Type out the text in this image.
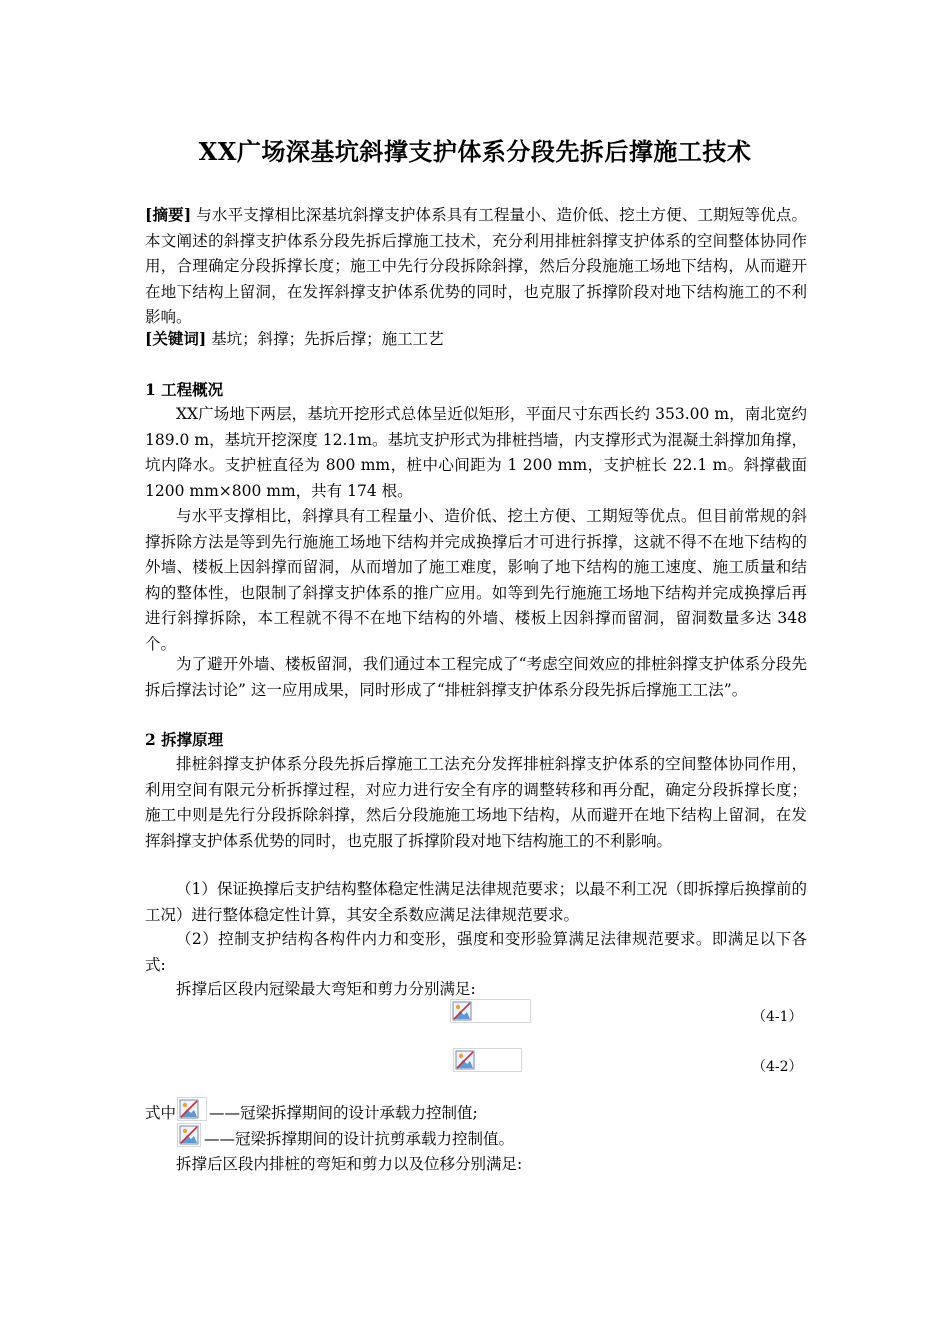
XX广场深基坑斜撑支护体系分段先拆后撑施工技术
[摘要] 与水平支撑相比深基坑斜撑支护体系具有工程量小、造价低、挖土方便、工期短等优点。本文阐述的斜撑支护体系分段先拆后撑施工技术，充分利用排桩斜撑支护体系的空间整体协同作用，合理确定分段拆撑长度；施工中先行分段拆除斜撑，然后分段施施工场地下结构，从而避开在地下结构上留洞，在发挥斜撑支护体系优势的同时，也克服了拆撑阶段对地下结构施工的不利影响。
[关键词] 基坑；斜撑；先拆后撑；施工工艺
1 工程概况
XX广场地下两层，基坑开挖形式总体呈近似矩形，平面尺寸东西长约 353.00 m，南北宽约 189.0 m，基坑开挖深度 12.1m。基坑支护形式为排桩挡墙，内支撑形式为混凝土斜撑加角撑，坑内降水。支护桩直径为 800 mm，桩中心间距为 1 200 mm，支护桩长 22.1 m。斜撑截面 1200 mm×800 mm，共有 174 根。
与水平支撑相比，斜撑具有工程量小、造价低、挖土方便、工期短等优点。但目前常规的斜撑拆除方法是等到先行施施工场地下结构并完成换撑后才可进行拆撑，这就不得不在地下结构的外墙、楼板上因斜撑而留洞，从而增加了施工难度，影响了地下结构的施工速度、施工质量和结构的整体性，也限制了斜撑支护体系的推广应用。如等到先行施施工场地下结构并完成换撑后再进行斜撑拆除，本工程就不得不在地下结构的外墙、楼板上因斜撑而留洞，留洞数量多达 348 个。
为了避开外墙、楼板留洞，我们通过本工程完成了“考虑空间效应的排桩斜撑支护体系分段先拆后撑法讨论” 这一应用成果，同时形成了“排桩斜撑支护体系分段先拆后撑施工工法”。
2 拆撑原理
排桩斜撑支护体系分段先拆后撑施工工法充分发挥排桩斜撑支护体系的空间整体协同作用，利用空间有限元分析拆撑过程，对应力进行安全有序的调整转移和再分配，确定分段拆撑长度；施工中则是先行分段拆除斜撑，然后分段施施工场地下结构，从而避开在地下结构上留洞，在发挥斜撑支护体系优势的同时，也克服了拆撑阶段对地下结构施工的不利影响。
（1）保证换撑后支护结构整体稳定性满足法律规范要求；以最不利工况（即拆撑后换撑前的工况）进行整体稳定性计算，其安全系数应满足法律规范要求。
（2）控制支护结构各构件内力和变形，强度和变形验算满足法律规范要求。即满足以下各式:
拆撑后区段内冠梁最大弯矩和剪力分别满足:
（4-1）
（4-2）
式中 ——冠梁拆撑期间的设计承载力控制值;
——冠梁拆撑期间的设计抗剪承载力控制值。
拆撑后区段内排桩的弯矩和剪力以及位移分别满足:
